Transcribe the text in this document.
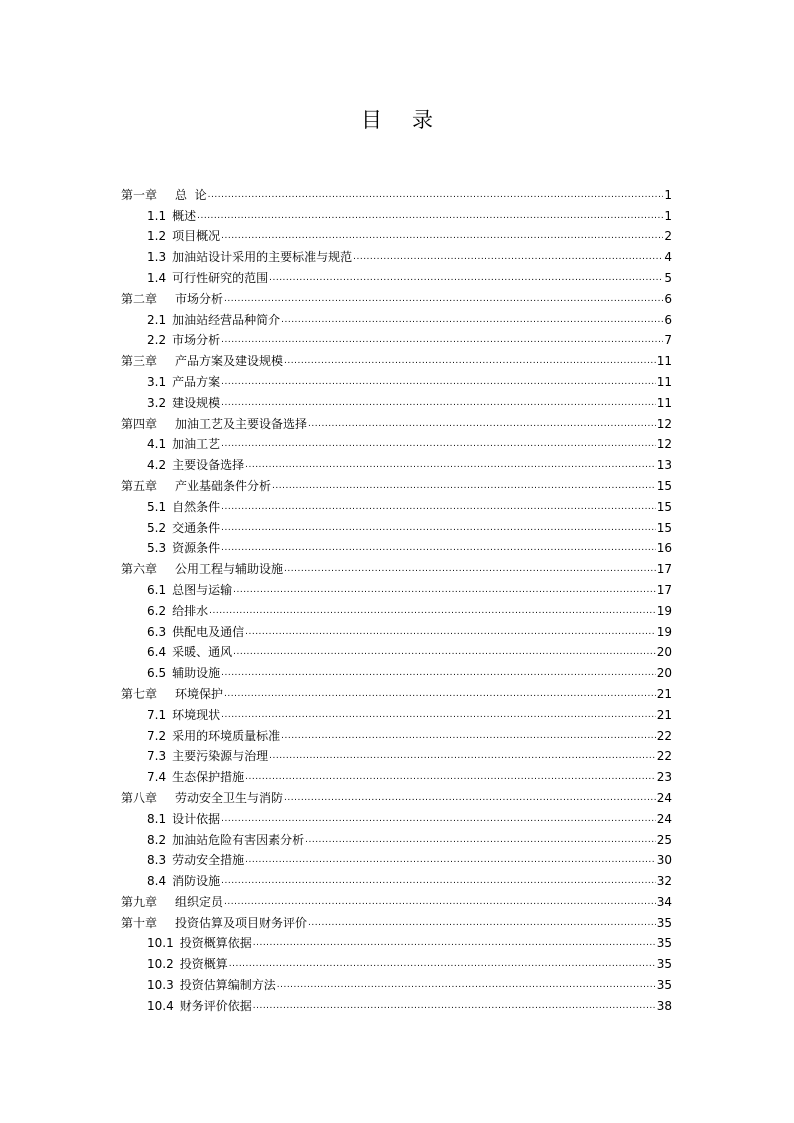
目 录
第一章 总  论 .....	1
1.1 概述 .....	1
1.2 项目概况 .....	2
1.3 加油站设计采用的主要标准与规范 .....	4
1.4 可行性研究的范围 .....	5
第二章 市场分析 .....	6
2.1 加油站经营品种简介 .....	6
2.2 市场分析 .....	7
第三章 产品方案及建设规模 .....	11
3.1 产品方案 .....	11
3.2 建设规模 .....	11
第四章 加油工艺及主要设备选择 .....	12
4.1 加油工艺 .....	12
4.2 主要设备选择 .....	13
第五章 产业基础条件分析 .....	15
5.1 自然条件 .....	15
5.2 交通条件 .....	15
5.3 资源条件 .....	16
第六章 公用工程与辅助设施 .....	17
6.1 总图与运输 .....	17
6.2 给排水 .....	19
6.3 供配电及通信 .....	19
6.4 采暖、通风 .....	20
6.5 辅助设施 .....	20
第七章 环境保护 .....	21
7.1 环境现状 .....	21
7.2 采用的环境质量标准 .....	22
7.3 主要污染源与治理 .....	22
7.4 生态保护措施 .....	23
第八章 劳动安全卫生与消防 .....	24
8.1 设计依据 .....	24
8.2 加油站危险有害因素分析 .....	25
8.3 劳动安全措施 .....	30
8.4 消防设施 .....	32
第九章 组织定员 .....	34
第十章 投资估算及项目财务评价 .....	35
10.1 投资概算依据 .....	35
10.2 投资概算 .....	35
10.3 投资估算编制方法 .....	35
10.4 财务评价依据 .....	38
